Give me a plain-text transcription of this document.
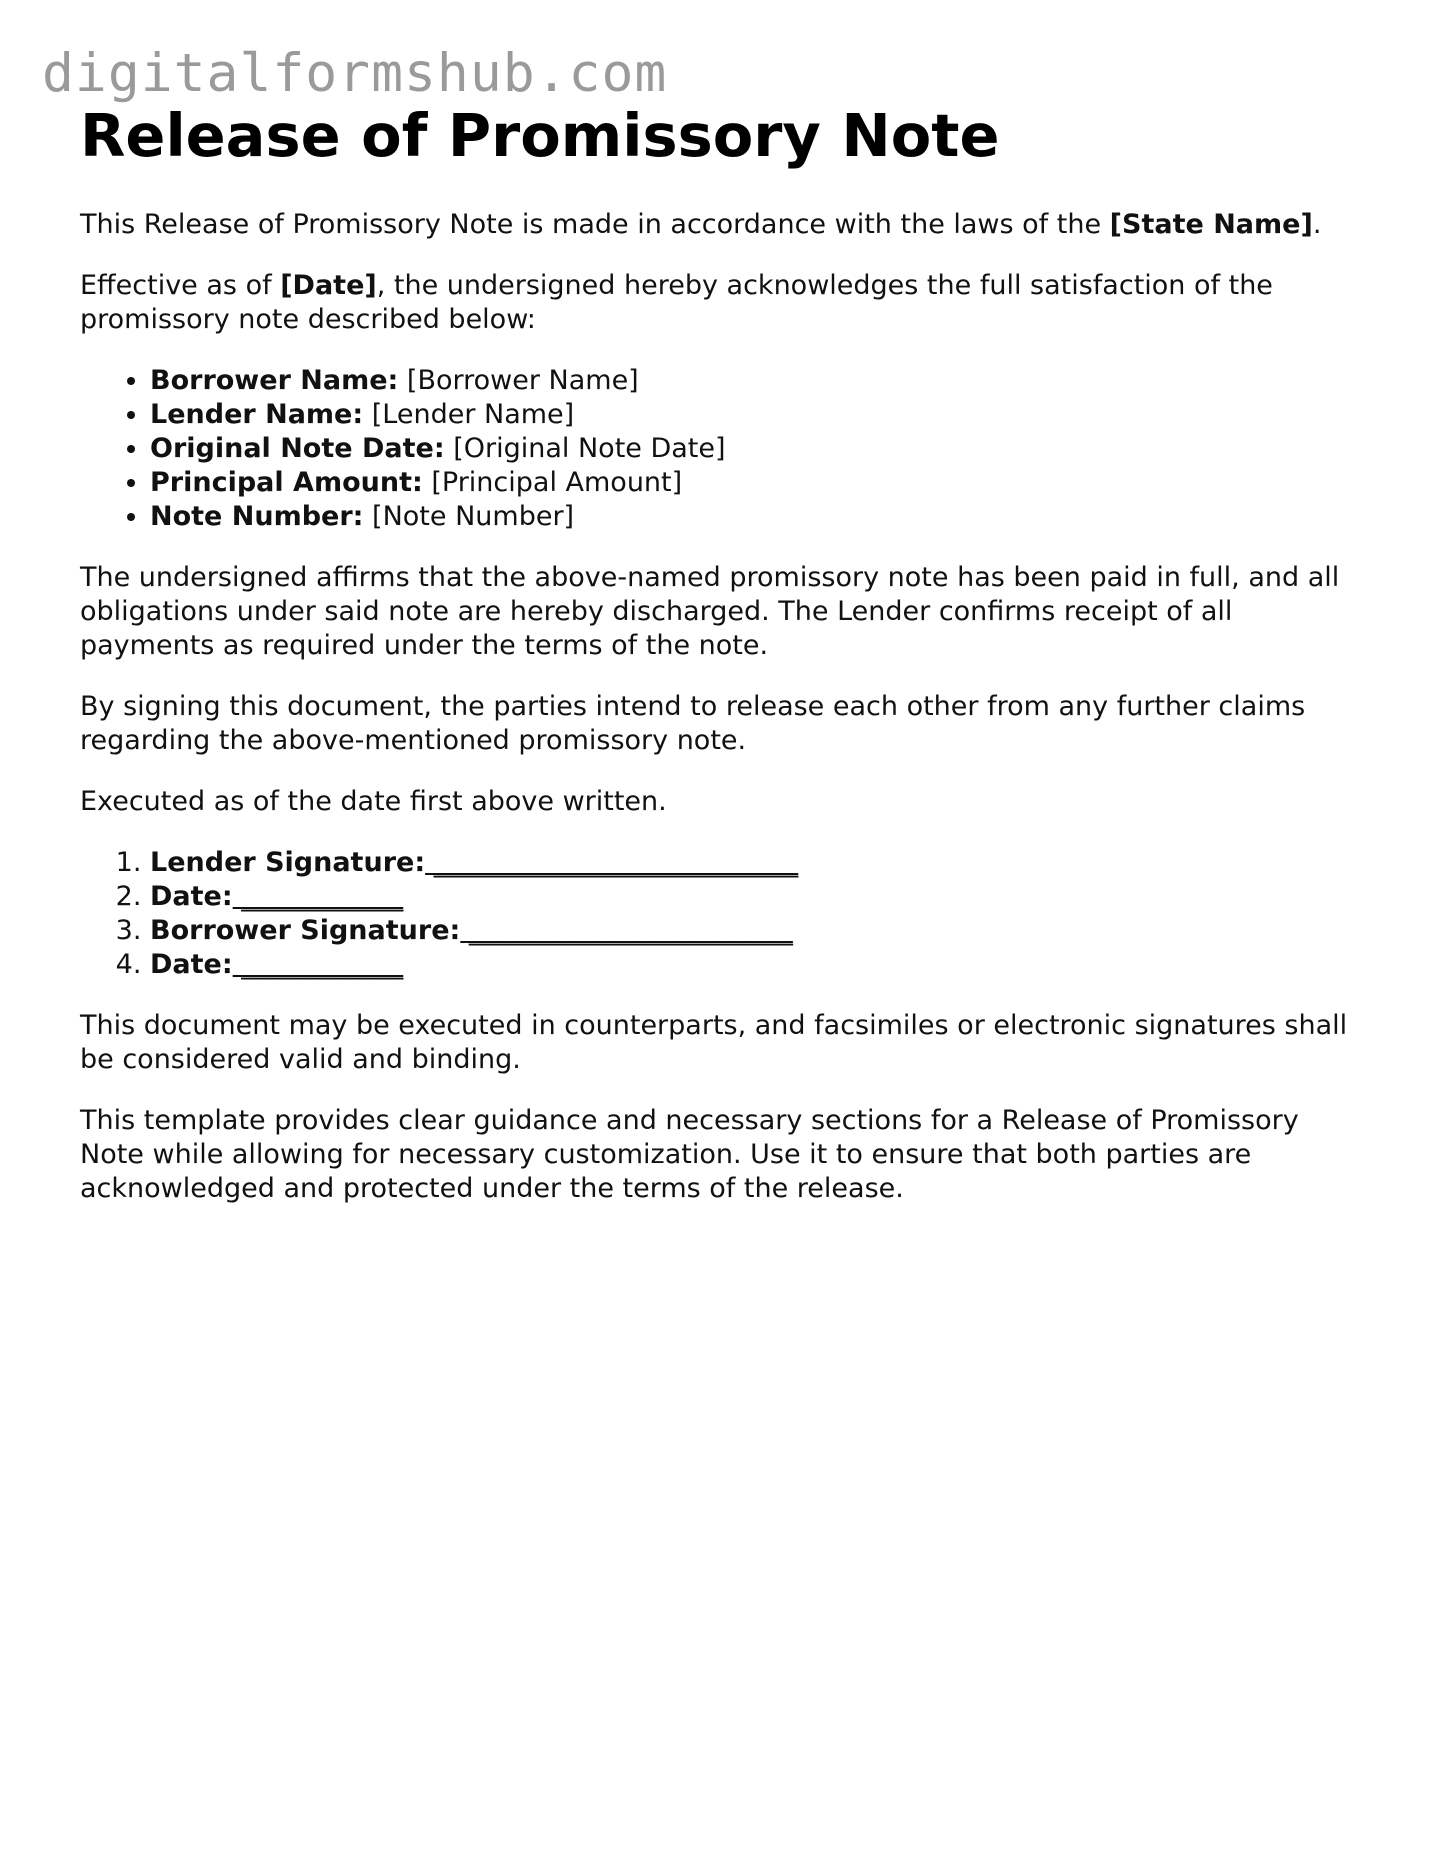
digitalformshub.com
Release of Promissory Note

This Release of Promissory Note is made in accordance with the laws of the [State Name].

Effective as of [Date], the undersigned hereby acknowledges the full satisfaction of the promissory note described below:

• Borrower Name: [Borrower Name]
• Lender Name: [Lender Name]
• Original Note Date: [Original Note Date]
• Principal Amount: [Principal Amount]
• Note Number: [Note Number]

The undersigned affirms that the above-named promissory note has been paid in full, and all obligations under said note are hereby discharged. The Lender confirms receipt of all payments as required under the terms of the note.

By signing this document, the parties intend to release each other from any further claims regarding the above-mentioned promissory note.

Executed as of the date first above written.

1. Lender Signature: ___________________________
2. Date: ____________
3. Borrower Signature: ________________________
4. Date: ____________

This document may be executed in counterparts, and facsimiles or electronic signatures shall be considered valid and binding.

This template provides clear guidance and necessary sections for a Release of Promissory Note while allowing for necessary customization. Use it to ensure that both parties are acknowledged and protected under the terms of the release.
